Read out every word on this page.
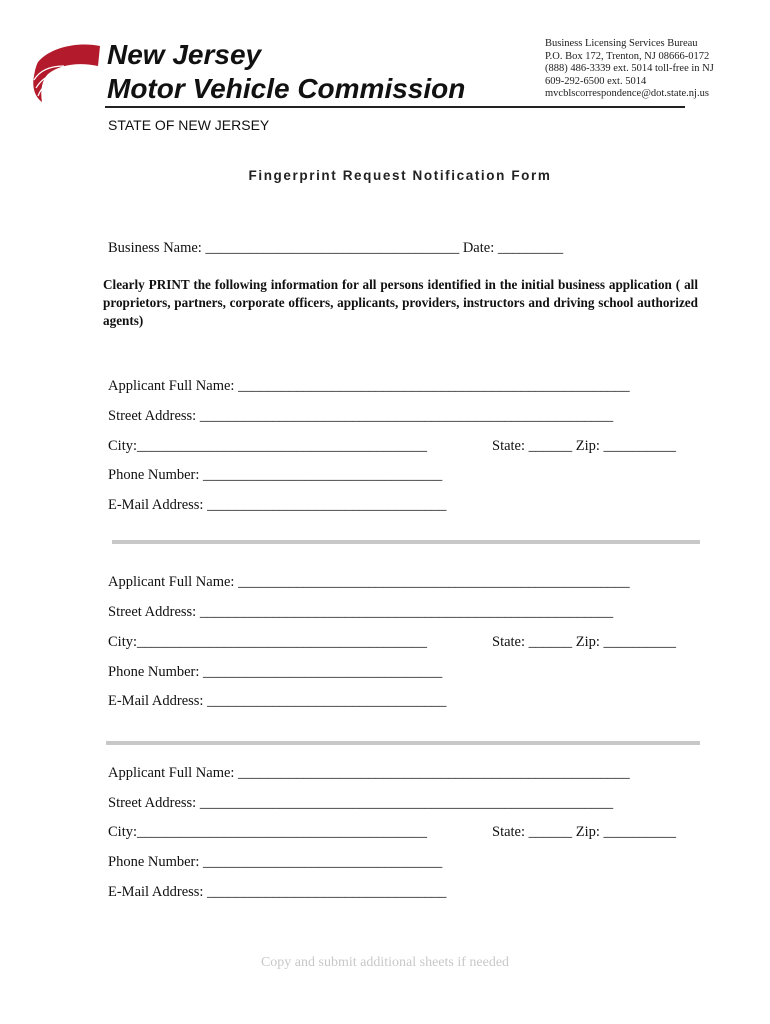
New Jersey
Motor Vehicle Commission
Business Licensing Services Bureau
P.O. Box 172, Trenton, NJ 08666-0172
(888) 486-3339 ext. 5014 toll-free in NJ
609-292-6500 ext. 5014
mvcblscorrespondence@dot.state.nj.us
STATE OF NEW JERSEY
Fingerprint Request Notification Form
Business Name: ___________________________________ Date: _________
Clearly PRINT the following information for all persons identified in the initial business application ( all proprietors, partners, corporate officers, applicants, providers, instructors and driving school authorized agents)
Applicant Full Name: ______________________________________________________
Street Address: _________________________________________________________
City:________________________________________	State: ______ Zip: __________
Phone Number: _________________________________
E-Mail Address: _________________________________
Applicant Full Name: ______________________________________________________
Street Address: _________________________________________________________
City:________________________________________	State: ______ Zip: __________
Phone Number: _________________________________
E-Mail Address: _________________________________
Applicant Full Name: ______________________________________________________
Street Address: _________________________________________________________
City:________________________________________	State: ______ Zip: __________
Phone Number: _________________________________
E-Mail Address: _________________________________
Copy and submit additional sheets if needed
